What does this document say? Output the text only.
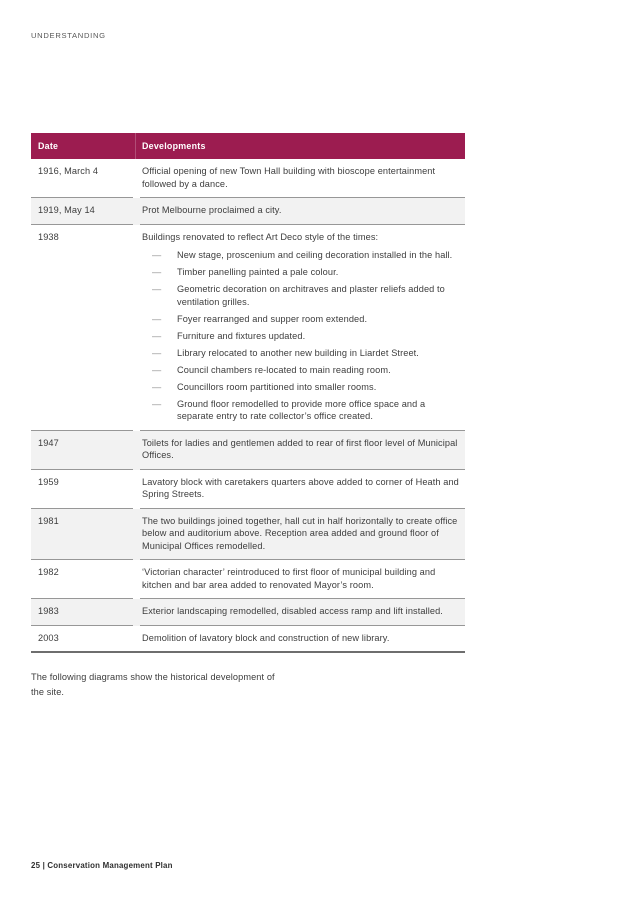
UNDERSTANDING
Date	Developments
1916, March 4	Official opening of new Town Hall building with bioscope entertainment followed by a dance.
1919, May 14	Prot Melbourne proclaimed a city.
1938	Buildings renovated to reflect Art Deco style of the times:
— New stage, proscenium and ceiling decoration installed in the hall.
— Timber panelling painted a pale colour.
— Geometric decoration on architraves and plaster reliefs added to ventilation grilles.
— Foyer rearranged and supper room extended.
— Furniture and fixtures updated.
— Library relocated to another new building in Liardet Street.
— Council chambers re-located to main reading room.
— Councillors room partitioned into smaller rooms.
— Ground floor remodelled to provide more office space and a separate entry to rate collector’s office created.
1947	Toilets for ladies and gentlemen added to rear of first floor level of Municipal Offices.
1959	Lavatory block with caretakers quarters above added to corner of Heath and Spring Streets.
1981	The two buildings joined together, hall cut in half horizontally to create office below and auditorium above. Reception area added and ground floor of Municipal Offices remodelled.
1982	‘Victorian character’ reintroduced to first floor of municipal building and kitchen and bar area added to renovated Mayor’s room.
1983	Exterior landscaping remodelled, disabled access ramp and lift installed.
2003	Demolition of lavatory block and construction of new library.
The following diagrams show the historical development of
the site.
25 | Conservation Management Plan
